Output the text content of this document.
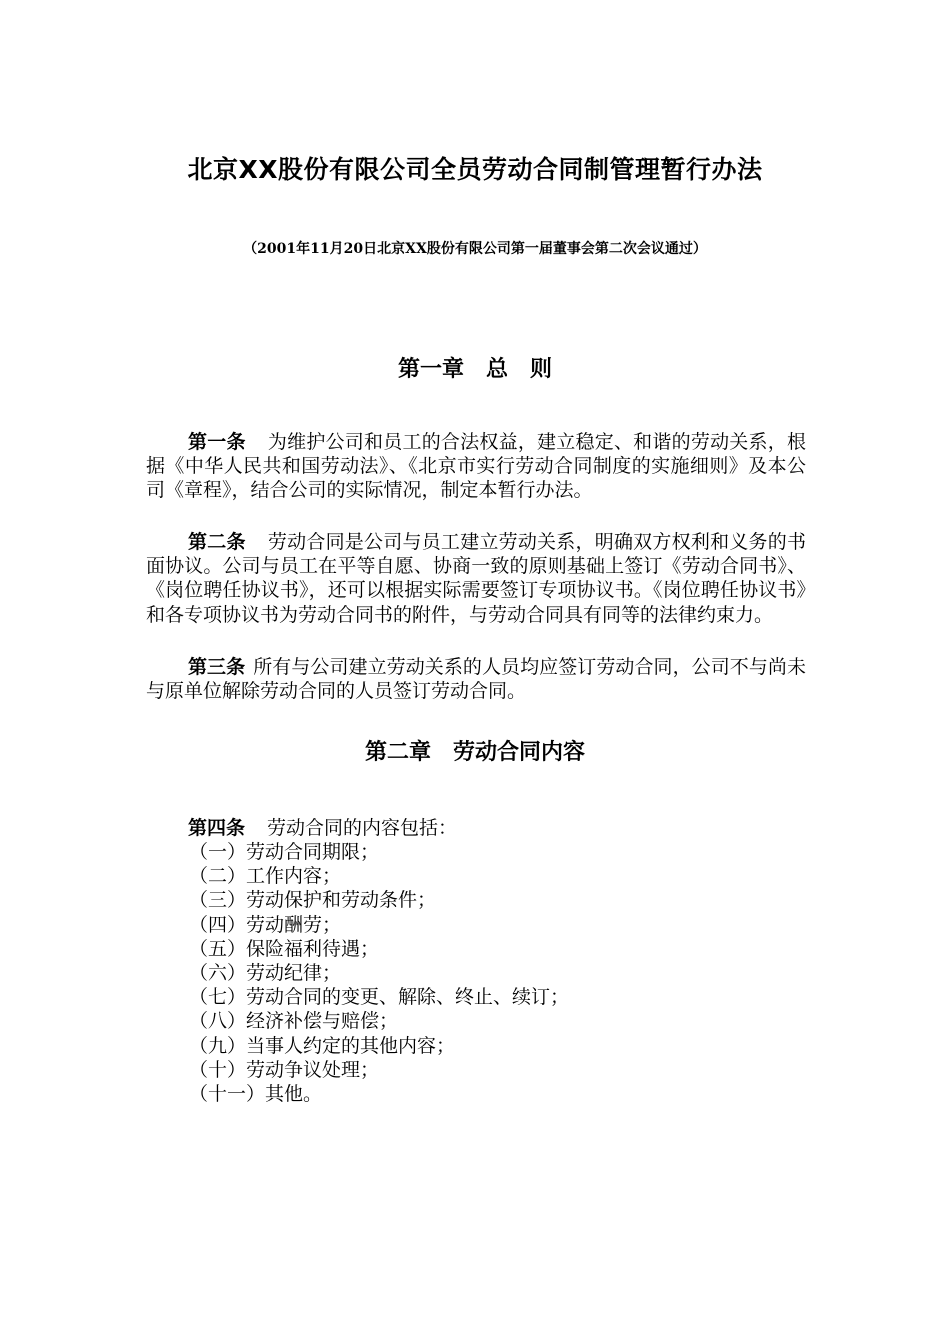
北京XX股份有限公司全员劳动合同制管理暂行办法
（2001年11月20日北京XX股份有限公司第一届董事会第二次会议通过）
第一章　总　则
第一条 为维护公司和员工的合法权益，建立稳定、和谐的劳动关系，根据《中华人民共和国劳动法》、《北京市实行劳动合同制度的实施细则》及本公司《章程》，结合公司的实际情况，制定本暂行办法。
第二条 劳动合同是公司与员工建立劳动关系，明确双方权利和义务的书面协议。公司与员工在平等自愿、协商一致的原则基础上签订《劳动合同书》、《岗位聘任协议书》，还可以根据实际需要签订专项协议书。《岗位聘任协议书》和各专项协议书为劳动合同书的附件，与劳动合同具有同等的法律约束力。
第三条 所有与公司建立劳动关系的人员均应签订劳动合同，公司不与尚未与原单位解除劳动合同的人员签订劳动合同。
第二章　劳动合同内容
第四条 劳动合同的内容包括：
（一）劳动合同期限；
（二）工作内容；
（三）劳动保护和劳动条件；
（四）劳动酬劳；
（五）保险福利待遇；
（六）劳动纪律；
（七）劳动合同的变更、解除、终止、续订；
（八）经济补偿与赔偿；
（九）当事人约定的其他内容；
（十）劳动争议处理；
（十一）其他。
